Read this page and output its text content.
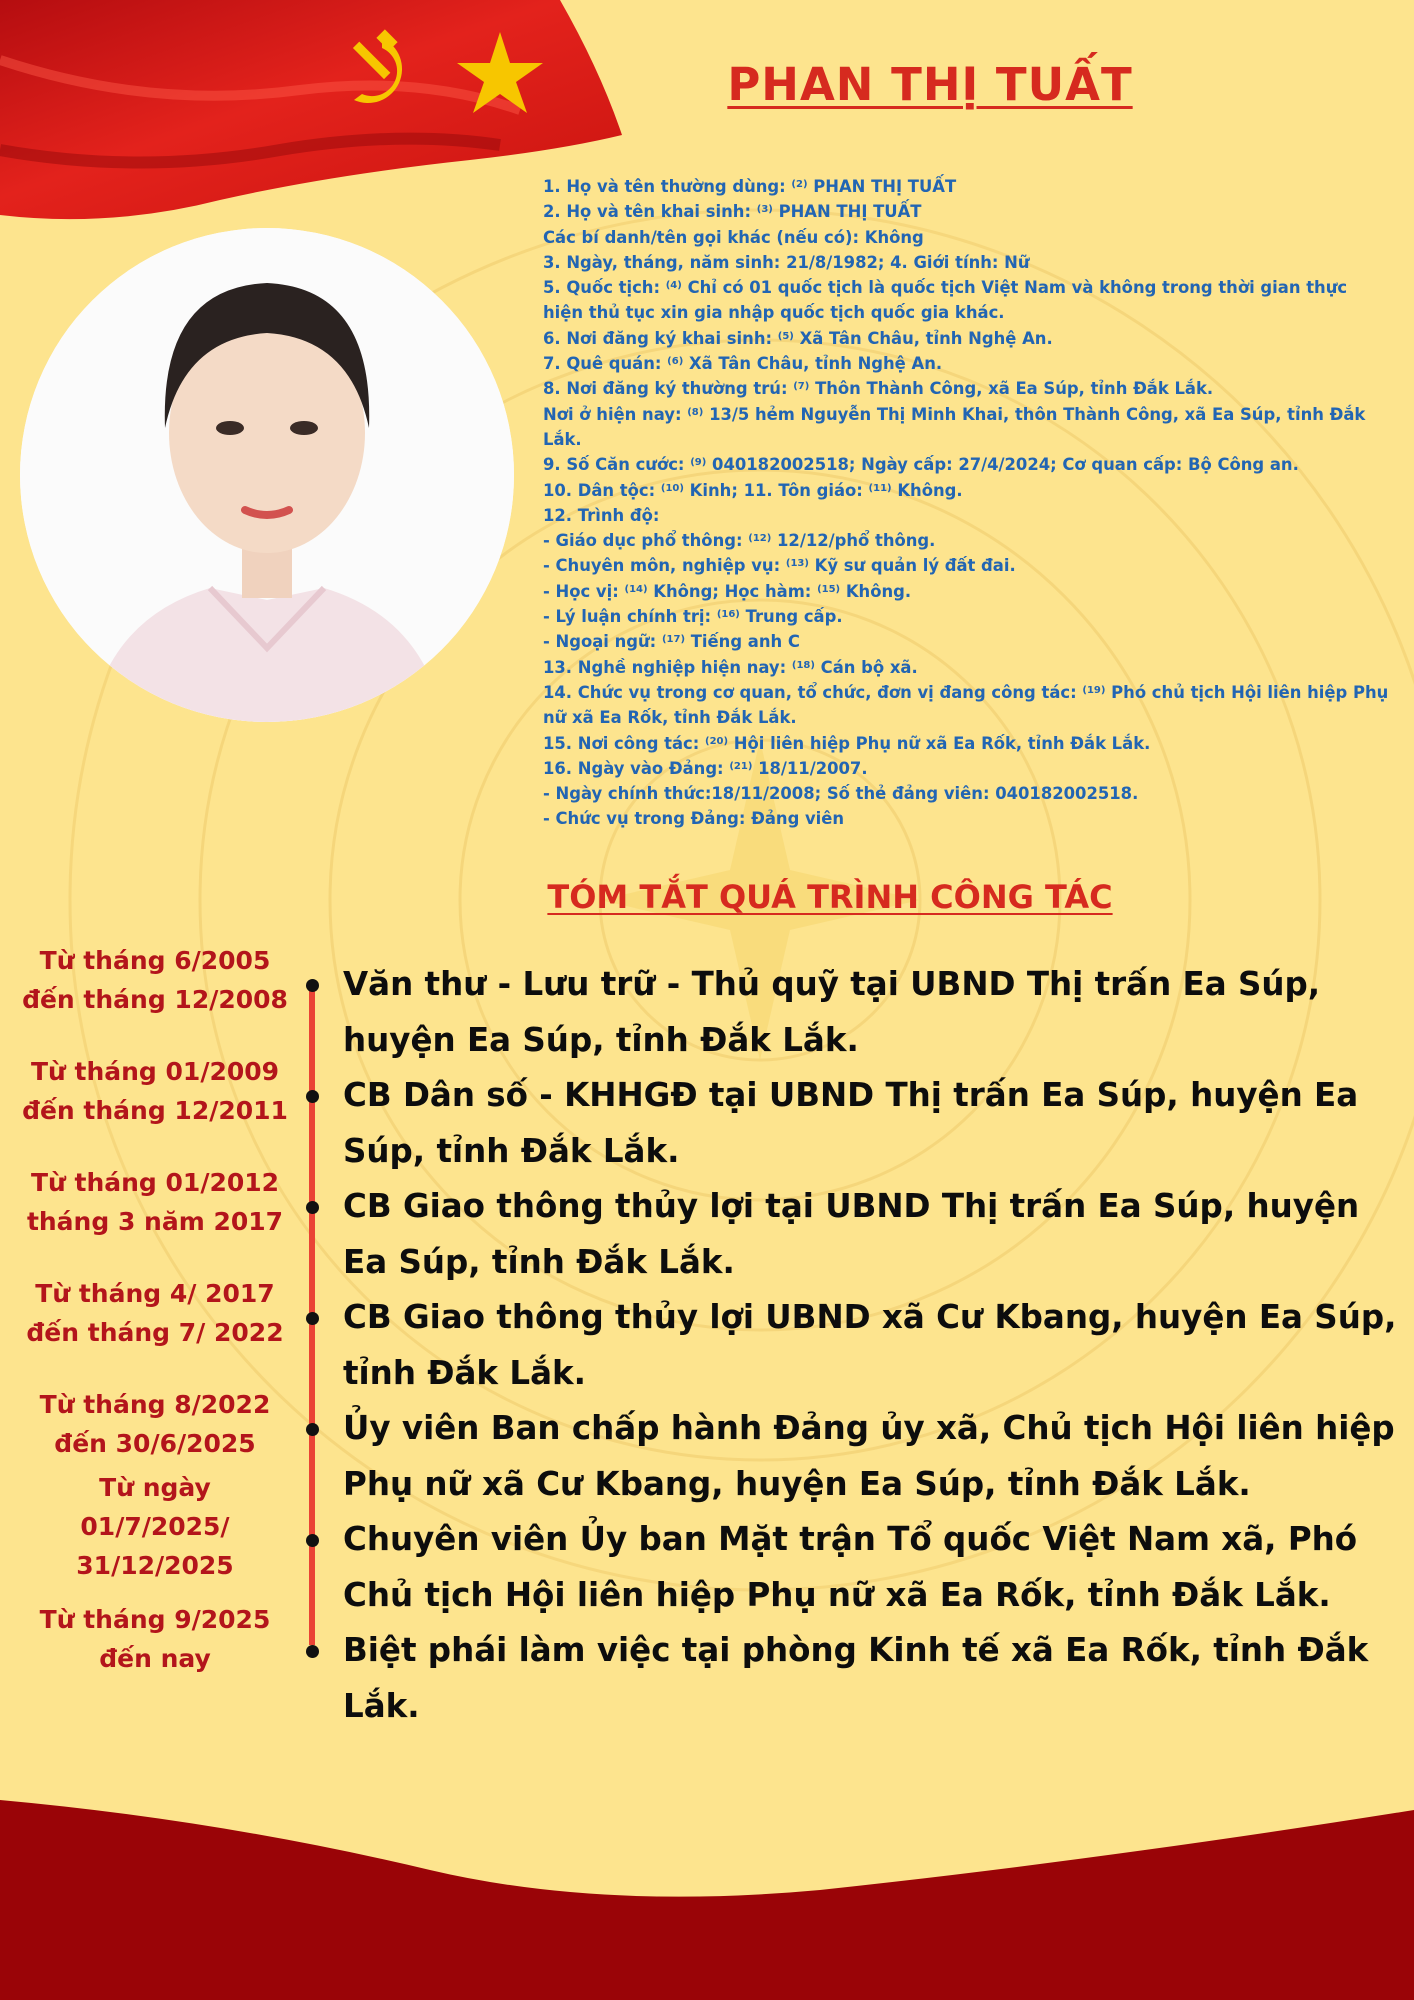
PHAN THỊ TUẤT
1. Họ và tên thường dùng: $^{(2)}$ PHAN THỊ TUẤT
2. Họ và tên khai sinh: $^{(3)}$ PHAN THỊ TUẤT
Các bí danh/tên gọi khác (nếu có): Không
3. Ngày, tháng, năm sinh: 21/8/1982; 4. Giới tính: Nữ
5. Quốc tịch: $^{(4)}$ Chỉ có 01 quốc tịch là quốc tịch Việt Nam và không trong thời gian thực hiện thủ tục xin gia nhập quốc tịch quốc gia khác.
6. Nơi đăng ký khai sinh: $^{(5)}$ Xã Tân Châu, tỉnh Nghệ An.
7. Quê quán: $^{(6)}$ Xã Tân Châu, tỉnh Nghệ An.
8. Nơi đăng ký thường trú: $^{(7)}$ Thôn Thành Công, xã Ea Súp, tỉnh Đắk Lắk.
Nơi ở hiện nay: $^{(8)}$ 13/5 hẻm Nguyễn Thị Minh Khai, thôn Thành Công, xã Ea Súp, tỉnh Đắk Lắk.
9. Số Căn cước: $^{(9)}$ 040182002518; Ngày cấp: 27/4/2024; Cơ quan cấp: Bộ Công an.
10. Dân tộc: $^{(10)}$ Kinh; 11. Tôn giáo: $^{(11)}$ Không.
12. Trình độ:
- Giáo dục phổ thông: $^{(12)}$ 12/12/phổ thông.
- Chuyên môn, nghiệp vụ: $^{(13)}$ Kỹ sư quản lý đất đai.
- Học vị: $^{(14)}$ Không; Học hàm: $^{(15)}$ Không.
- Lý luận chính trị: $^{(16)}$ Trung cấp.
- Ngoại ngữ: $^{(17)}$ Tiếng anh C
13. Nghề nghiệp hiện nay: $^{(18)}$ Cán bộ xã.
14. Chức vụ trong cơ quan, tổ chức, đơn vị đang công tác: $^{(19)}$ Phó chủ tịch Hội liên hiệp Phụ nữ xã Ea Rốk, tỉnh Đắk Lắk.
15. Nơi công tác: $^{(20)}$ Hội liên hiệp Phụ nữ xã Ea Rốk, tỉnh Đắk Lắk.
16. Ngày vào Đảng: $^{(21)}$ 18/11/2007.
- Ngày chính thức:18/11/2008; Số thẻ đảng viên: 040182002518.
- Chức vụ trong Đảng: Đảng viên
TÓM TẮT QUÁ TRÌNH CÔNG TÁC
Từ tháng 6/2005
đến tháng 12/2008
Từ tháng 01/2009
đến tháng 12/2011
Từ tháng 01/2012
tháng 3 năm 2017
Từ tháng 4/ 2017
đến tháng 7/ 2022
Từ tháng 8/2022
đến 30/6/2025
Từ ngày
01/7/2025/
31/12/2025
Từ tháng 9/2025
đến nay
Văn thư - Lưu trữ - Thủ quỹ tại UBND Thị trấn Ea Súp, huyện Ea Súp, tỉnh Đắk Lắk.
CB Dân số - KHHGĐ tại UBND Thị trấn Ea Súp, huyện Ea Súp, tỉnh Đắk Lắk.
CB Giao thông thủy lợi tại UBND Thị trấn Ea Súp, huyện Ea Súp, tỉnh Đắk Lắk.
CB Giao thông thủy lợi UBND xã Cư Kbang, huyện Ea Súp, tỉnh Đắk Lắk.
Ủy viên Ban chấp hành Đảng ủy xã, Chủ tịch Hội liên hiệp Phụ nữ xã Cư Kbang, huyện Ea Súp, tỉnh Đắk Lắk.
Chuyên viên Ủy ban Mặt trận Tổ quốc Việt Nam xã, Phó Chủ tịch Hội liên hiệp Phụ nữ xã Ea Rốk, tỉnh Đắk Lắk.
Biệt phái làm việc tại phòng Kinh tế xã Ea Rốk, tỉnh Đắk Lắk.
